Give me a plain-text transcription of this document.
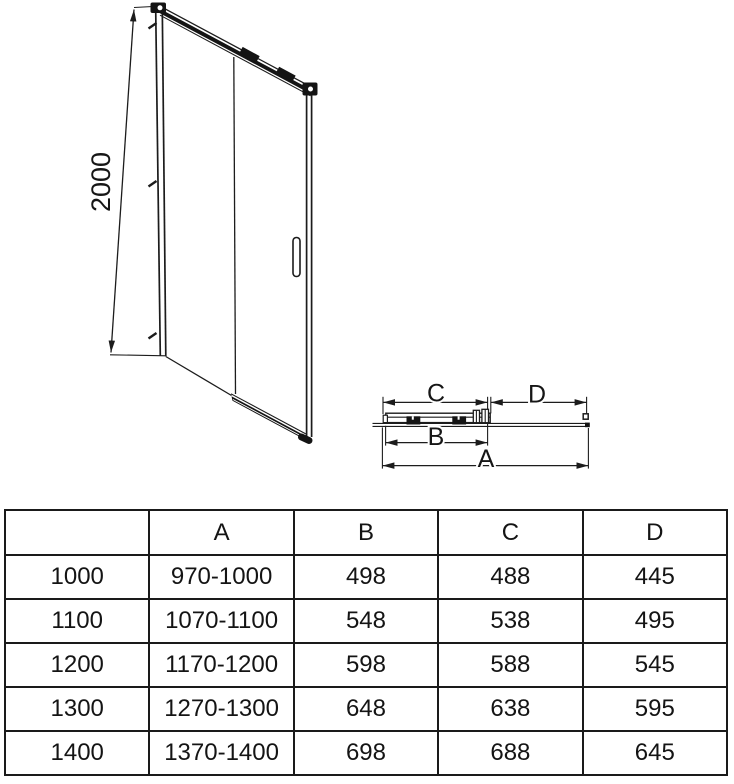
2000
C	D
B
A
	A	B	C	D
1000	970-1000	498	488	445
1100	1070-1100	548	538	495
1200	1170-1200	598	588	545
1300	1270-1300	648	638	595
1400	1370-1400	698	688	645
